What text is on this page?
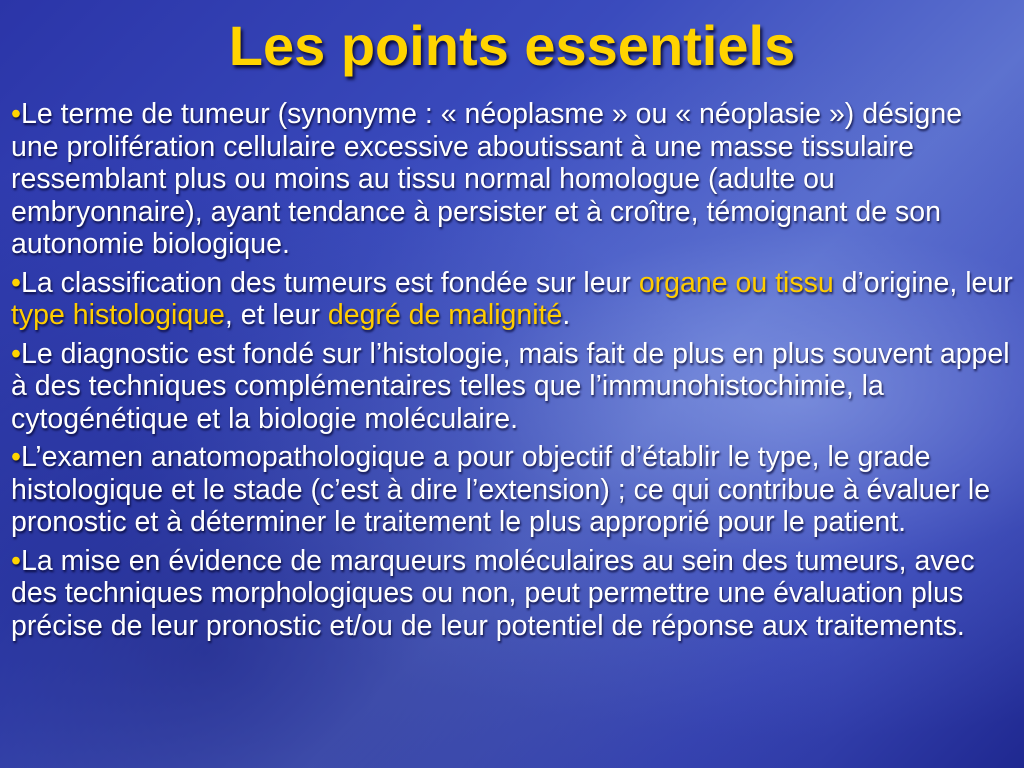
Les points essentiels
•Le terme de tumeur (synonyme : « néoplasme » ou « néoplasie ») désigne une prolifération cellulaire excessive aboutissant à une masse tissulaire ressemblant plus ou moins au tissu normal homologue (adulte ou embryonnaire), ayant tendance à persister et à croître, témoignant de son autonomie biologique.
•La classification des tumeurs est fondée sur leur organe ou tissu d’origine, leur type histologique, et leur degré de malignité.
•Le diagnostic est fondé sur l’histologie, mais fait de plus en plus souvent appel à des techniques complémentaires telles que l’immunohistochimie, la cytogénétique et la biologie moléculaire.
•L’examen anatomopathologique a pour objectif d’établir le type, le grade histologique et le stade (c’est à dire l’extension) ; ce qui contribue à évaluer le pronostic et à déterminer le traitement le plus approprié pour le patient.
•La mise en évidence de marqueurs moléculaires au sein des tumeurs, avec des techniques morphologiques ou non, peut permettre une évaluation plus précise de leur pronostic et/ou de leur potentiel de réponse aux traitements.
